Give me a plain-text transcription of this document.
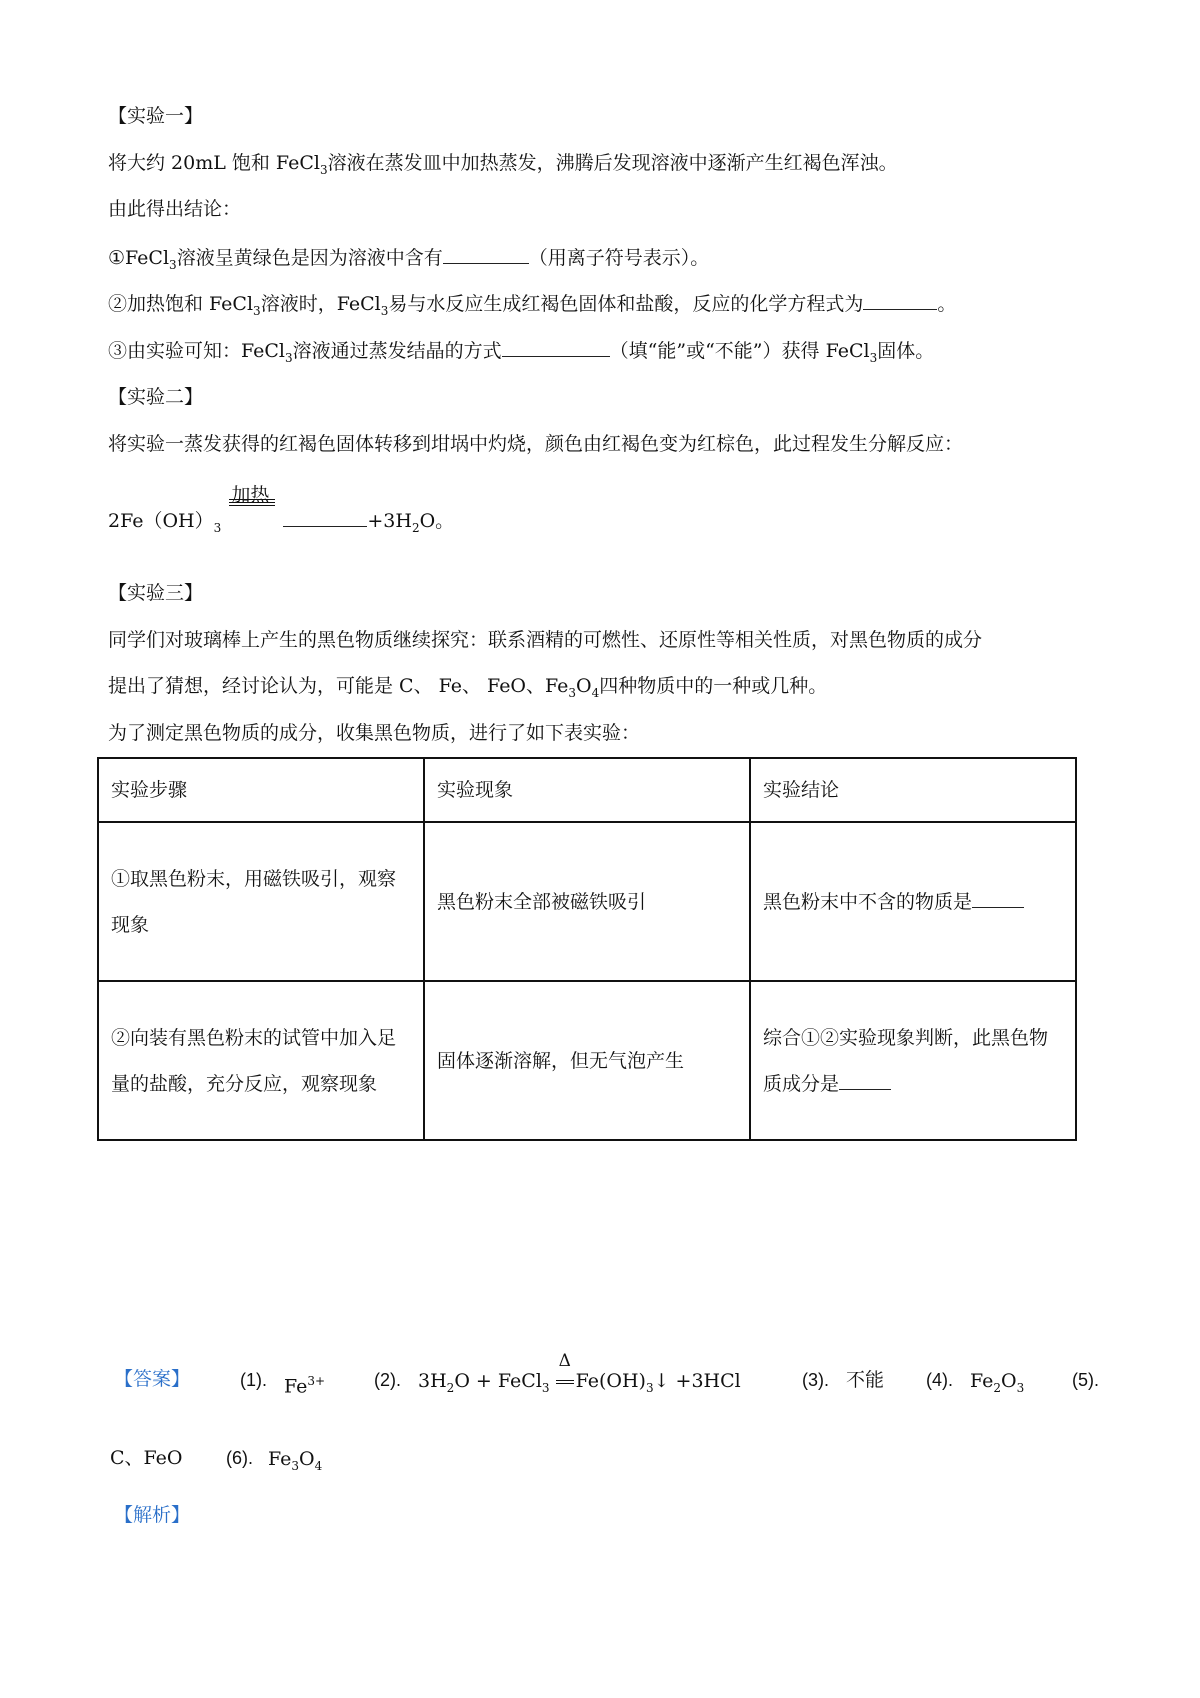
【实验一】
将大约 20mL 饱和 FeCl$_3$溶液在蒸发皿中加热蒸发，沸腾后发现溶液中逐渐产生红褐色浑浊。
由此得出结论：
①FeCl$_3$溶液呈黄绿色是因为溶液中含有	（用离子符号表示）。
②加热饱和 FeCl$_3$溶液时，FeCl$_3$易与水反应生成红褐色固体和盐酸，反应的化学方程式为	。
③由实验可知：FeCl$_3$溶液通过蒸发结晶的方式	（填“能”或“不能”）获得 FeCl$_3$固体。
【实验二】
将实验一蒸发获得的红褐色固体转移到坩埚中灼烧，颜色由红褐色变为红棕色，此过程发生分解反应：
$2Fe(OH)_3$
加热
$+3H_2O$。
【实验三】
同学们对玻璃棒上产生的黑色物质继续探究：联系酒精的可燃性、还原性等相关性质，对黑色物质的成分
提出了猜想，经讨论认为，可能是 C、 Fe、 FeO、$Fe_3O_4$四种物质中的一种或几种。
为了测定黑色物质的成分，收集黑色物质，进行了如下表实验：
实验步骤	实验现象	实验结论
①取黑色粉末，用磁铁吸引，观察现象	黑色粉末全部被磁铁吸引	黑色粉末中不含的物质是
②向装有黑色粉末的试管中加入足量的盐酸，充分反应，观察现象	固体逐渐溶解，但无气泡产生	综合①②实验现象判断，此黑色物质成分是
【答案】	(1). $Fe^{3+}$	(2). $3H_2O$ + FeCl$_3$
Δ
$Fe(OH)_3↓ +3HCl$	(3). 不能 (4). $Fe_2O_3$	(5).
C、FeO (6). $Fe_3O_4$
【解析】
